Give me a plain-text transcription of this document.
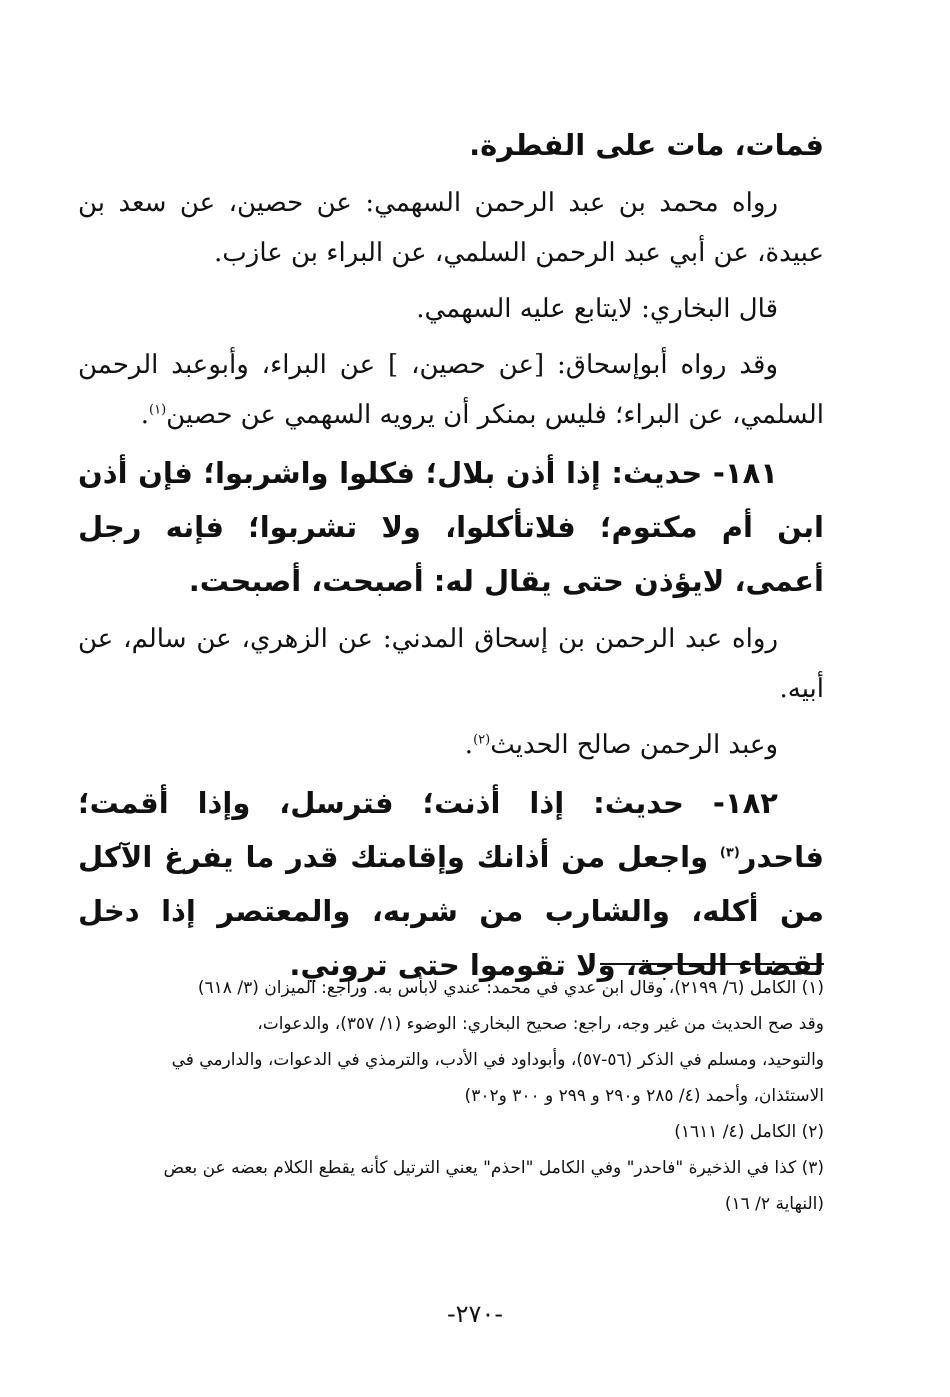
فمات، مات على الفطرة.
رواه محمد بن عبد الرحمن السهمي: عن حصين، عن سعد بن عبيدة، عن أبي عبد الرحمن السلمي، عن البراء بن عازب.
قال البخاري: لايتابع عليه السهمي.
وقد رواه أبوإسحاق: [عن حصين، ] عن البراء، وأبوعبد الرحمن السلمي، عن البراء؛ فليس بمنكر أن يرويه السهمي عن حصين$^{(١)}$.
١٨١- حديث: إذا أذن بلال؛ فكلوا واشربوا؛ فإن أذن ابن أم مكتوم؛ فلاتأكلوا، ولا تشربوا؛ فإنه رجل أعمى، لايؤذن حتى يقال له: أصبحت، أصبحت.
رواه عبد الرحمن بن إسحاق المدني: عن الزهري، عن سالم، عن أبيه.
وعبد الرحمن صالح الحديث$^{(٢)}$.
١٨٢- حديث: إذا أذنت؛ فترسل، وإذا أقمت؛ فاحدر$^{(٣)}$ واجعل من أذانك وإقامتك قدر ما يفرغ الآكل من أكله، والشارب من شربه، والمعتصر إذا دخل لقضاء الحاجة، ولا تقوموا حتى تروني.
(١) الكامل (٦/ ٢١٩٩)، وقال ابن عدي في محمد: عندي لابأس به. وراجع: الميزان (٣/ ٦١٨)
وقد صح الحديث من غير وجه، راجع: صحيح البخاري: الوضوء (١/ ٣٥٧)، والدعوات،
والتوحيد، ومسلم في الذكر (٥٦-٥٧)، وأبوداود في الأدب، والترمذي في الدعوات، والدارمي في
الاستئذان، وأحمد (٤/ ٢٨٥ و٢٩٠ و ٢٩٩ و ٣٠٠ و٣٠٢)
(٢) الكامل (٤/ ١٦١١)
(٣) كذا في الذخيرة "فاحدر" وفي الكامل "احذم" يعني الترتيل كأنه يقطع الكلام بعضه عن بعض
(النهاية ٢/ ١٦)
-٢٧٠-
